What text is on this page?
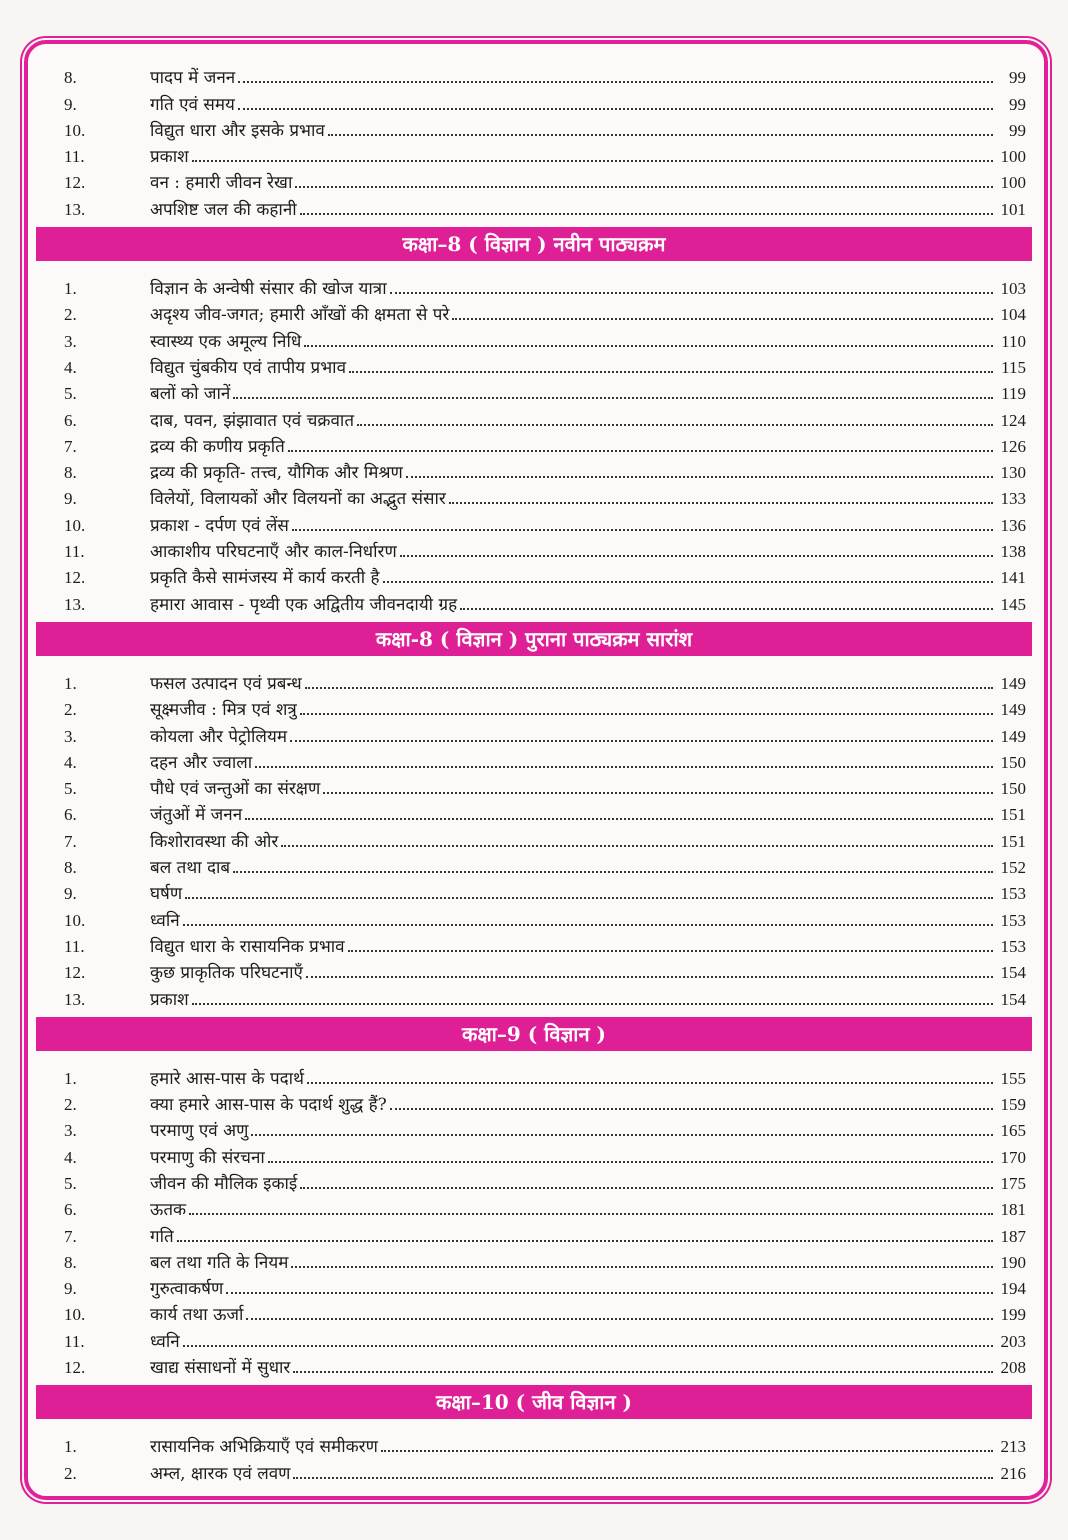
8.	पादप में जनन	99
9.	गति एवं समय	99
10.	विद्युत धारा और इसके प्रभाव	99
11.	प्रकाश	100
12.	वन : हमारी जीवन रेखा	100
13.	अपशिष्ट जल की कहानी	101
कक्षा–8 ( विज्ञान ) नवीन पाठ्यक्रम
1.	विज्ञान के अन्वेषी संसार की खोज यात्रा	103
2.	अदृश्य जीव-जगत; हमारी आँखों की क्षमता से परे	104
3.	स्वास्थ्य एक अमूल्य निधि	110
4.	विद्युत चुंबकीय एवं तापीय प्रभाव	115
5.	बलों को जानें	119
6.	दाब, पवन, झंझावात एवं चक्रवात	124
7.	द्रव्य की कणीय प्रकृति	126
8.	द्रव्य की प्रकृति- तत्त्व, यौगिक और मिश्रण	130
9.	विलेयों, विलायकों और विलयनों का अद्भुत संसार	133
10.	प्रकाश - दर्पण एवं लेंस	136
11.	आकाशीय परिघटनाएँ और काल-निर्धारण	138
12.	प्रकृति कैसे सामंजस्य में कार्य करती है	141
13.	हमारा आवास - पृथ्वी एक अद्वितीय जीवनदायी ग्रह	145
कक्षा-8 ( विज्ञान ) पुराना पाठ्यक्रम सारांश
1.	फसल उत्पादन एवं प्रबन्ध	149
2.	सूक्ष्मजीव : मित्र एवं शत्रु	149
3.	कोयला और पेट्रोलियम	149
4.	दहन और ज्वाला	150
5.	पौधे एवं जन्तुओं का संरक्षण	150
6.	जंतुओं में जनन	151
7.	किशोरावस्था की ओर	151
8.	बल तथा दाब	152
9.	घर्षण	153
10.	ध्वनि	153
11.	विद्युत धारा के रासायनिक प्रभाव	153
12.	कुछ प्राकृतिक परिघटनाएँ	154
13.	प्रकाश	154
कक्षा–9 ( विज्ञान )
1.	हमारे आस-पास के पदार्थ	155
2.	क्या हमारे आस-पास के पदार्थ शुद्ध हैं?	159
3.	परमाणु एवं अणु	165
4.	परमाणु की संरचना	170
5.	जीवन की मौलिक इकाई	175
6.	ऊतक	181
7.	गति	187
8.	बल तथा गति के नियम	190
9.	गुरुत्वाकर्षण	194
10.	कार्य तथा ऊर्जा	199
11.	ध्वनि	203
12.	खाद्य संसाधनों में सुधार	208
कक्षा–10 ( जीव विज्ञान )
1.	रासायनिक अभिक्रियाएँ एवं समीकरण	213
2.	अम्ल, क्षारक एवं लवण	216
